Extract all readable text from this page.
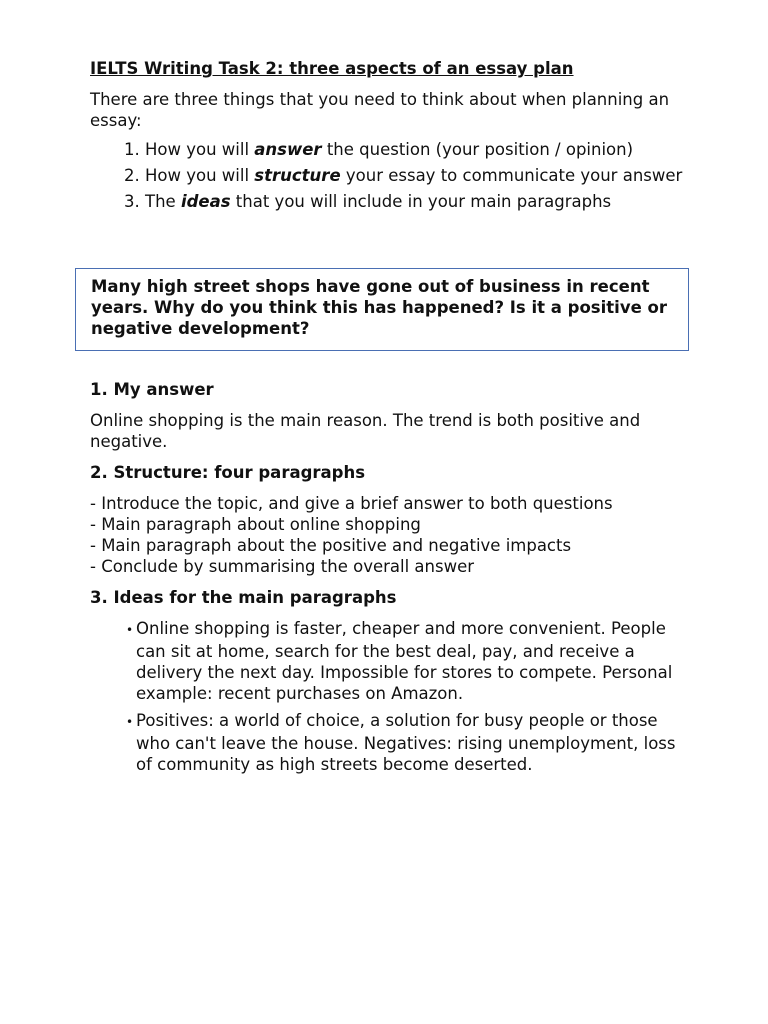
IELTS Writing Task 2: three aspects of an essay plan

There are three things that you need to think about when planning an essay:

1. How you will answer the question (your position / opinion)
2. How you will structure your essay to communicate your answer
3. The ideas that you will include in your main paragraphs
Many high street shops have gone out of business in recent years. Why do you think this has happened? Is it a positive or negative development?

1. My answer

Online shopping is the main reason. The trend is both positive and negative.

2. Structure: four paragraphs

- Introduce the topic, and give a brief answer to both questions

- Main paragraph about online shopping

- Main paragraph about the positive and negative impacts

- Conclude by summarising the overall answer

3. Ideas for the main paragraphs

• Online shopping is faster, cheaper and more convenient. People can sit at home, search for the best deal, pay, and receive a delivery the next day. Impossible for stores to compete. Personal example: recent purchases on Amazon.
• Positives: a world of choice, a solution for busy people or those who can't leave the house. Negatives: rising unemployment, loss of community as high streets become deserted.
